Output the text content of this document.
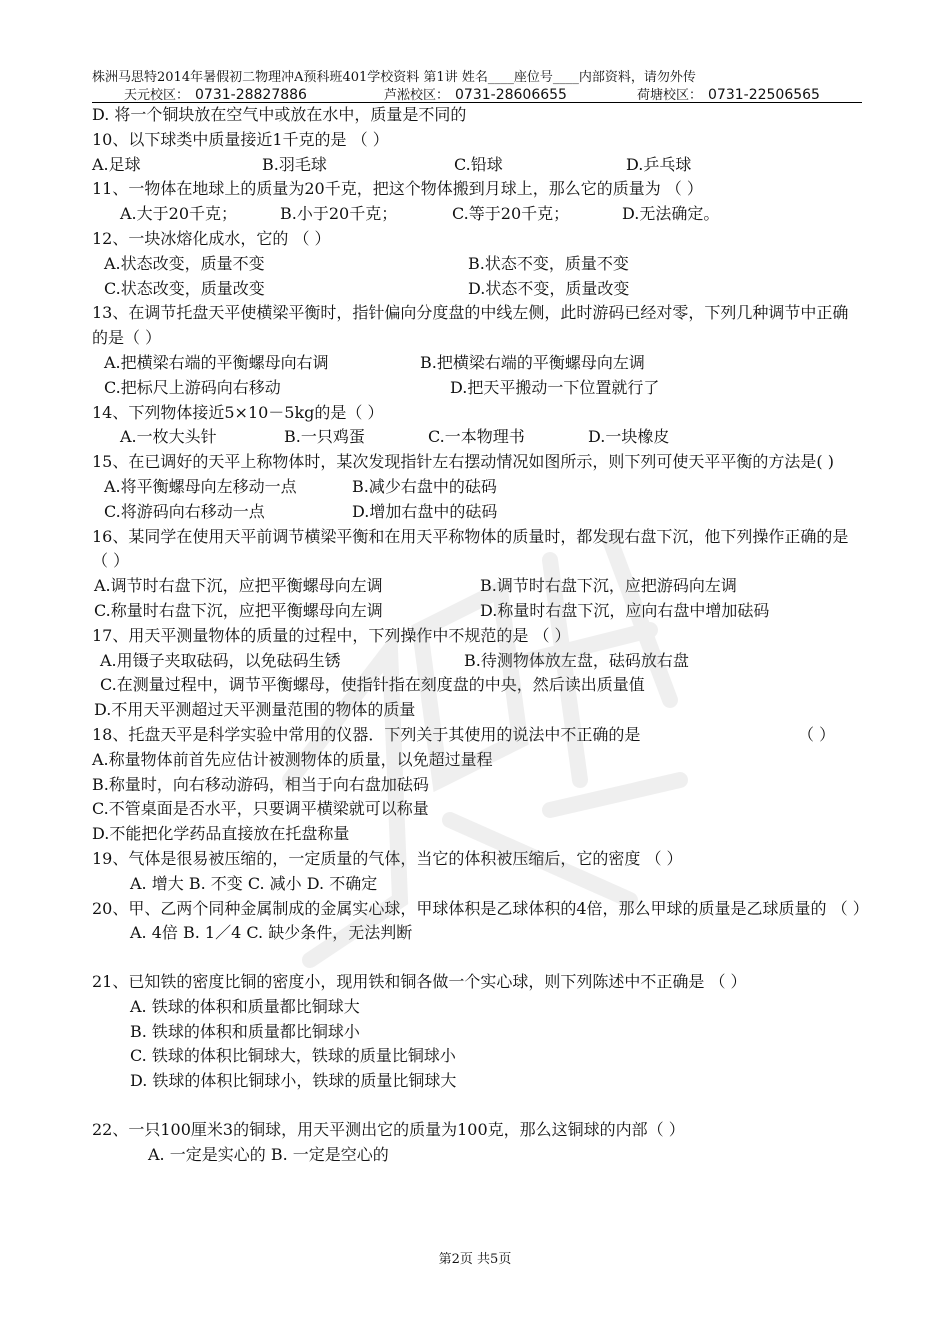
株洲马思特2014年暑假初二物理冲A预科班401学校资料 第1讲 姓名____座位号____内部资料，请勿外传
天元校区： 0731-28827886	芦淞校区： 0731-28606655	荷塘校区： 0731-22506565
D. 将一个铜块放在空气中或放在水中，质量是不同的
10、以下球类中质量接近1千克的是 （ ）
A.足球	B.羽毛球	C.铅球	D.乒乓球
11、一物体在地球上的质量为20千克，把这个物体搬到月球上，那么它的质量为 （ ）
A.大于20千克；	B.小于20千克；	C.等于20千克；	D.无法确定。
12、一块冰熔化成水，它的 （ ）
A.状态改变，质量不变	B.状态不变，质量不变
C.状态改变，质量改变	D.状态不变，质量改变
13、在调节托盘天平使横梁平衡时，指针偏向分度盘的中线左侧，此时游码已经对零，下列几种调节中正确的是（ ）
A.把横梁右端的平衡螺母向右调	B.把横梁右端的平衡螺母向左调
C.把标尺上游码向右移动	D.把天平搬动一下位置就行了
14、下列物体接近5×10－5kg的是（ ）
A.一枚大头针	B.一只鸡蛋	C.一本物理书	D.一块橡皮
15、在已调好的天平上称物体时，某次发现指针左右摆动情况如图所示，则下列可使天平平衡的方法是( )
A.将平衡螺母向左移动一点	B.减少右盘中的砝码
C.将游码向右移动一点	D.增加右盘中的砝码
16、某同学在使用天平前调节横梁平衡和在用天平称物体的质量时，都发现右盘下沉，他下列操作正确的是 （ ）
A.调节时右盘下沉，应把平衡螺母向左调	B.调节时右盘下沉，应把游码向左调
C.称量时右盘下沉，应把平衡螺母向左调	D.称量时右盘下沉，应向右盘中增加砝码
17、用天平测量物体的质量的过程中，下列操作中不规范的是 （ ）
A.用镊子夹取砝码，以免砝码生锈	B.待测物体放左盘，砝码放右盘
C.在测量过程中，调节平衡螺母，使指针指在刻度盘的中央，然后读出质量值
D.不用天平测超过天平测量范围的物体的质量
18、托盘天平是科学实验中常用的仪器．下列关于其使用的说法中不正确的是	（ ）
A.称量物体前首先应估计被测物体的质量，以免超过量程
B.称量时，向右移动游码，相当于向右盘加砝码
C.不管桌面是否水平，只要调平横梁就可以称量
D.不能把化学药品直接放在托盘称量
19、气体是很易被压缩的，一定质量的气体，当它的体积被压缩后，它的密度 （ ）
A. 增大 B. 不变 C. 减小 D. 不确定
20、甲、乙两个同种金属制成的金属实心球，甲球体积是乙球体积的4倍，那么甲球的质量是乙球质量的 （ ）
A. 4倍 B. 1／4 C. 缺少条件，无法判断
21、已知铁的密度比铜的密度小，现用铁和铜各做一个实心球，则下列陈述中不正确是 （ ）
A. 铁球的体积和质量都比铜球大
B. 铁球的体积和质量都比铜球小
C. 铁球的体积比铜球大，铁球的质量比铜球小
D. 铁球的体积比铜球小，铁球的质量比铜球大
22、一只100厘米3的铜球，用天平测出它的质量为100克，那么这铜球的内部（ ）
A. 一定是实心的 B. 一定是空心的
第2页 共5页
